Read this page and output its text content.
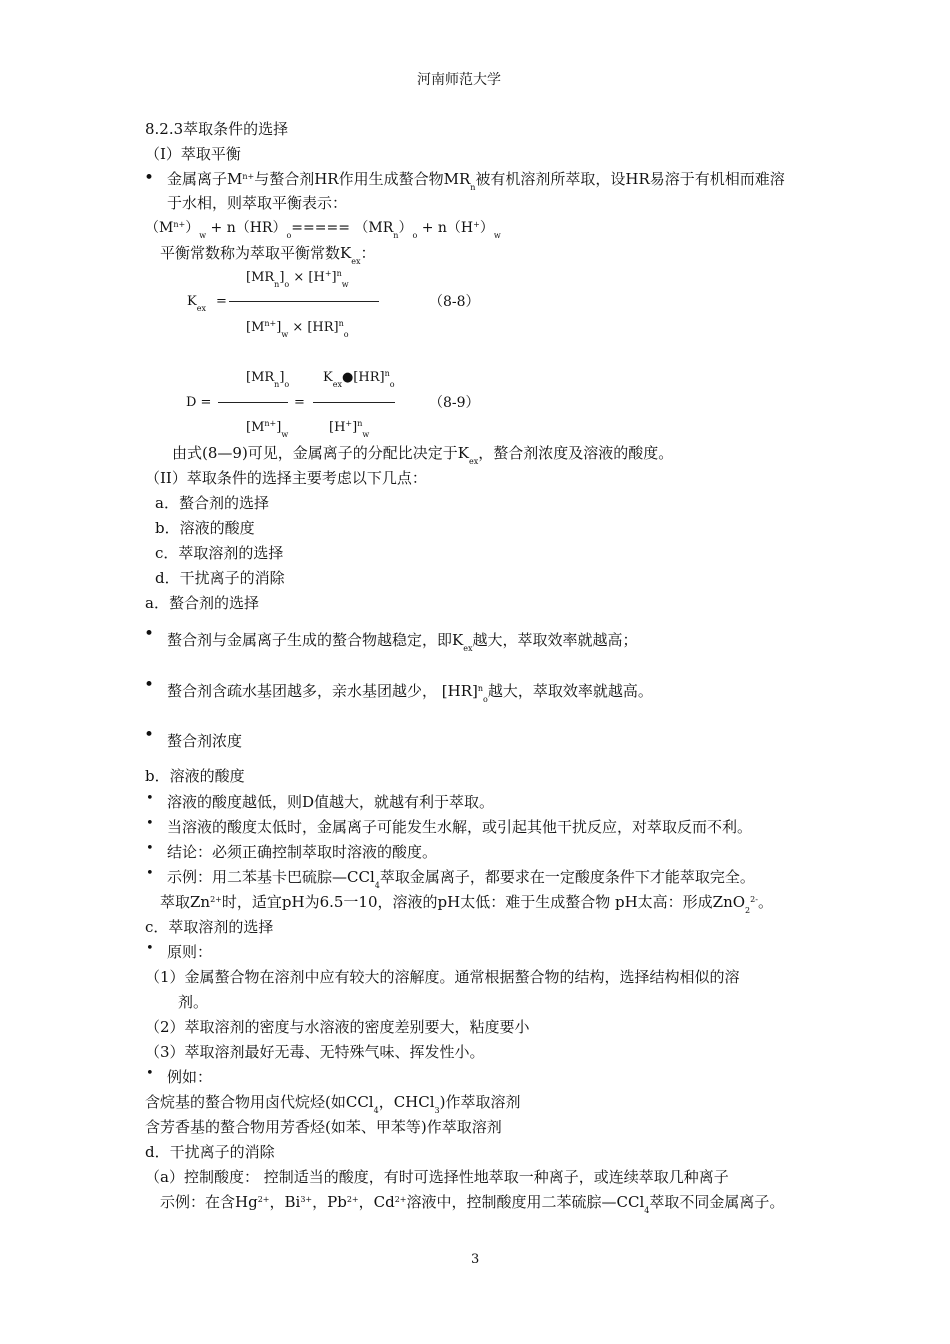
河南师范大学
8.2.3萃取条件的选择
（I）萃取平衡
• 金属离子$M^{n+}$与螯合剂HR作用生成螯合物$MR_n$被有机溶剂所萃取，设HR易溶于有机相而难溶
于水相，则萃取平衡表示：
$(M^{n+})_w + n(HR)_o===== (MR_n)_o + n(H^+)_w$
平衡常数称为萃取平衡常数$K_{ex}$：
$[MR_n]_o \times [H^+]^n_w$
$K_{ex}$ =	（8-8）
$[M^{n+}]_w \times [HR]^n_o$
$[MR_n]_o$	$K_{ex}●[HR]^n_o$
D =	=	（8-9）
$[M^{n+}]_w$	$[H^+]^n_w$
由式(8—9)可见，金属离子的分配比决定于$K_{ex}$，螯合剂浓度及溶液的酸度。
（II）萃取条件的选择主要考虑以下几点：
a．螯合剂的选择
b．溶液的酸度
c．萃取溶剂的选择
d．干扰离子的消除
a．螯合剂的选择
• 螯合剂与金属离子生成的螯合物越稳定，即$K_{ex}$越大，萃取效率就越高；
• 螯合剂含疏水基团越多，亲水基团越少， [HR]$^n_o$越大，萃取效率就越高。
• 螯合剂浓度
b．溶液的酸度
• 溶液的酸度越低，则D值越大，就越有利于萃取。
• 当溶液的酸度太低时，金属离子可能发生水解，或引起其他干扰反应，对萃取反而不利。
• 结论：必须正确控制萃取时溶液的酸度。
• 示例：用二苯基卡巴硫腙—CCl$_4$萃取金属离子，都要求在一定酸度条件下才能萃取完全。
萃取$Zn^{2+}$时，适宜pH为6.5一10，溶液的pH太低：难于生成螯合物 pH太高：形成ZnO$_2^{2-}$。
c．萃取溶剂的选择
• 原则：
（1）金属螯合物在溶剂中应有较大的溶解度。通常根据螯合物的结构，选择结构相似的溶
剂。
（2）萃取溶剂的密度与水溶液的密度差别要大，粘度要小
（3）萃取溶剂最好无毒、无特殊气味、挥发性小。
• 例如：
含烷基的螯合物用卤代烷烃(如CCl$_4$，CHCl$_3$)作萃取溶剂
含芳香基的螯合物用芳香烃(如苯、甲苯等)作萃取溶剂
d．干扰离子的消除
（a）控制酸度： 控制适当的酸度，有时可选择性地萃取一种离子，或连续萃取几种离子
示例：在含$Hg^{2+}$，$Bi^{3+}$，$Pb^{2+}$，$Cd^{2+}$溶液中，控制酸度用二苯硫腙—CCl$_4$萃取不同金属离子。
3
